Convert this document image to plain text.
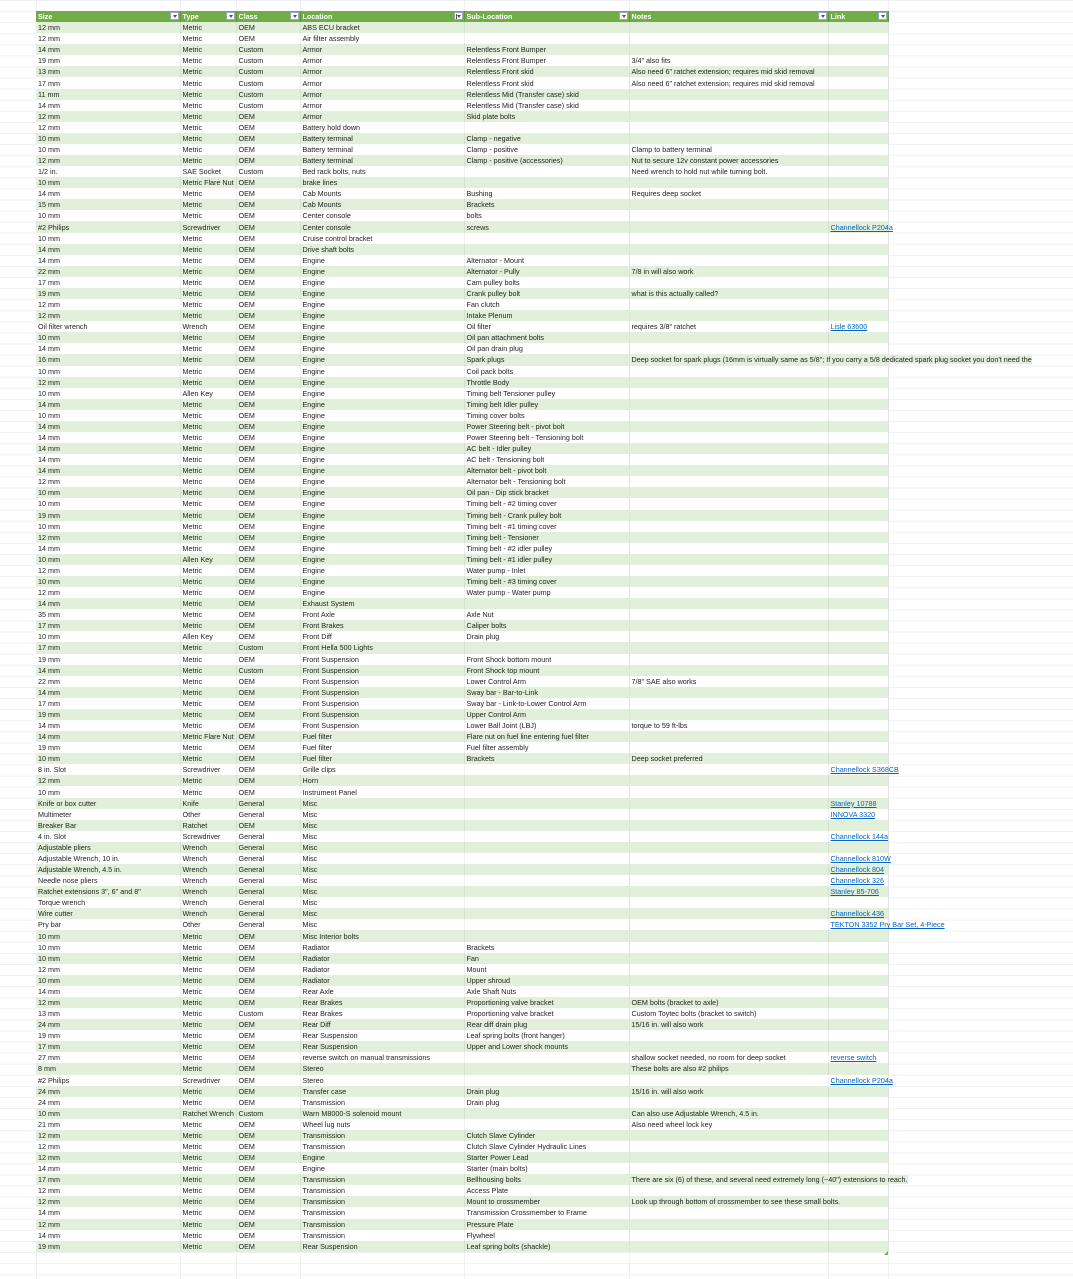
Size	Type	Class	Location	Sub-Location	Notes	Link

12 mm	Metric	OEM	ABS ECU bracket			
12 mm	Metric	OEM	Air filter assembly			
14 mm	Metric	Custom	Armor	Relentless Front Bumper		
19 mm	Metric	Custom	Armor	Relentless Front Bumper	3/4" also fits	
13 mm	Metric	Custom	Armor	Relentless Front skid	Also need 6" ratchet extension; requires mid skid removal	
17 mm	Metric	Custom	Armor	Relentless Front skid	Also need 6" ratchet extension; requires mid skid removal	
11 mm	Metric	Custom	Armor	Relentless Mid (Transfer case) skid		
14 mm	Metric	Custom	Armor	Relentless Mid (Transfer case) skid		
12 mm	Metric	OEM	Armor	Skid plate bolts		
12 mm	Metric	OEM	Battery hold down			
10 mm	Metric	OEM	Battery terminal	Clamp - negative		
10 mm	Metric	OEM	Battery terminal	Clamp - positive	Clamp to battery terminal	
12 mm	Metric	OEM	Battery terminal	Clamp - positive (accessories)	Nut to secure 12v constant power accessories	
1/2 in.	SAE Socket	Custom	Bed rack bolts, nuts		Need wrench to hold nut while turning bolt.	
10 mm	Metric Flare Nut	OEM	brake lines			
14 mm	Metric	OEM	Cab Mounts	Bushing	Requires deep socket	
15 mm	Metric	OEM	Cab Mounts	Brackets		
10 mm	Metric	OEM	Center console	bolts		
#2 Philips	Screwdriver	OEM	Center console	screws		Channellock P204a
10 mm	Metric	OEM	Cruise control bracket			
14 mm	Metric	OEM	Drive shaft bolts			
14 mm	Metric	OEM	Engine	Alternator - Mount		
22 mm	Metric	OEM	Engine	Alternator - Pully	7/8 in will also work	
17 mm	Metric	OEM	Engine	Cam pulley bolts		
19 mm	Metric	OEM	Engine	Crank pulley bolt	what is this actually called?	
12 mm	Metric	OEM	Engine	Fan clutch		
12 mm	Metric	OEM	Engine	Intake Plenum		
Oil filter wrench	Wrench	OEM	Engine	Oil filter	requires 3/8" ratchet	Lisle 63600
10 mm	Metric	OEM	Engine	Oil pan attachment bolts		
14 mm	Metric	OEM	Engine	Oil pan drain plug		
16 mm	Metric	OEM	Engine	Spark plugs	Deep socket for spark plugs (16mm is virtually same as 5/8"; If you carry a 5/8 dedicated spark plug socket you don't need the	
10 mm	Metric	OEM	Engine	Coil pack bolts		
12 mm	Metric	OEM	Engine	Throttle Body		
10 mm	Allen Key	OEM	Engine	Timing belt Tensioner pulley		
14 mm	Metric	OEM	Engine	Timing belt Idler pulley		
10 mm	Metric	OEM	Engine	Timing cover bolts		
14 mm	Metric	OEM	Engine	Power Steering belt - pivot bolt		
14 mm	Metric	OEM	Engine	Power Steering belt - Tensioning bolt		
14 mm	Metric	OEM	Engine	AC belt - Idler pulley		
14 mm	Metric	OEM	Engine	AC belt - Tensioning bolt		
14 mm	Metric	OEM	Engine	Alternator belt - pivot bolt		
12 mm	Metric	OEM	Engine	Alternator belt - Tensioning bolt		
10 mm	Metric	OEM	Engine	Oil pan - Dip stick bracket		
10 mm	Metric	OEM	Engine	Timing belt - #2 timing cover		
19 mm	Metric	OEM	Engine	Timing belt - Crank pulley bolt		
10 mm	Metric	OEM	Engine	Timing belt - #1 timing cover		
12 mm	Metric	OEM	Engine	Timing belt - Tensioner		
14 mm	Metric	OEM	Engine	Timing belt - #2 idler pulley		
10 mm	Allen Key	OEM	Engine	Timing belt - #1 idler pulley		
12 mm	Metric	OEM	Engine	Water pump - Inlet		
10 mm	Metric	OEM	Engine	Timing belt - #3 timing cover		
12 mm	Metric	OEM	Engine	Water pump - Water pump		
14 mm	Metric	OEM	Exhaust System			
35 mm	Metric	OEM	Front Axle	Axle Nut		
17 mm	Metric	OEM	Front Brakes	Caliper bolts		
10 mm	Allen Key	OEM	Front Diff	Drain plug		
17 mm	Metric	Custom	Front Hella 500 Lights			
19 mm	Metric	OEM	Front Suspension	Front Shock bottom mount		
14 mm	Metric	Custom	Front Suspension	Front Shock top mount		
22 mm	Metric	OEM	Front Suspension	Lower Control Arm	7/8" SAE also works	
14 mm	Metric	OEM	Front Suspension	Sway bar - Bar-to-Link		
17 mm	Metric	OEM	Front Suspension	Sway bar - Link-to-Lower Control Arm		
19 mm	Metric	OEM	Front Suspension	Upper Control Arm		
14 mm	Metric	OEM	Front Suspension	Lower Ball Joint (LBJ)	torque to 59 ft-lbs	
14 mm	Metric Flare Nut	OEM	Fuel filter	Flare nut on fuel line entering fuel filter		
19 mm	Metric	OEM	Fuel filter	Fuel filter assembly		
10 mm	Metric	OEM	Fuel filter	Brackets	Deep socket preferred	
8 in. Slot	Screwdriver	OEM	Grille clips			Channellock S368CB
12 mm	Metric	OEM	Horn			
10 mm	Metric	OEM	Instrument Panel			
Knife or box cutter	Knife	General	Misc			Stanley 10788
Multimeter	Other	General	Misc			INNOVA 3320
Breaker Bar	Ratchet	OEM	Misc			
4 in. Slot	Screwdriver	General	Misc			Channellock 144a
Adjustable pliers	Wrench	General	Misc			
Adjustable Wrench, 10 in.	Wrench	General	Misc			Channellock 810W
Adjustable Wrench, 4.5 in.	Wrench	General	Misc			Channellock 804
Needle nose pliers	Wrench	General	Misc			Channellock 326
Ratchet extensions 3", 6" and 8"	Wrench	General	Misc			Stanley 85-706
Torque wrench	Wrench	General	Misc			
Wire cutter	Wrench	General	Misc			Channellock 436
Pry bar	Other	General	Misc			TEKTON 3352 Pry Bar Set, 4-Piece
10 mm	Metric	OEM	Misc Interior bolts			
10 mm	Metric	OEM	Radiator	Brackets		
10 mm	Metric	OEM	Radiator	Fan		
12 mm	Metric	OEM	Radiator	Mount		
10 mm	Metric	OEM	Radiator	Upper shroud		
14 mm	Metric	OEM	Rear Axle	Axle Shaft Nuts		
12 mm	Metric	OEM	Rear Brakes	Proportioning valve bracket	OEM bolts (bracket to axle)	
13 mm	Metric	Custom	Rear Brakes	Proportioning valve bracket	Custom Toytec bolts (bracket to switch)	
24 mm	Metric	OEM	Rear Diff	Rear diff drain plug	15/16 in. will also work	
19 mm	Metric	OEM	Rear Suspension	Leaf spring bolts (front hanger)		
17 mm	Metric	OEM	Rear Suspension	Upper and Lower shock mounts		
27 mm	Metric	OEM	reverse switch on manual transmissions		shallow socket needed, no room for deep socket	reverse switch
8 mm	Metric	OEM	Stereo		These bolts are also #2 philips	
#2 Philips	Screwdriver	OEM	Stereo			Channellock P204a
24 mm	Metric	OEM	Transfer case	Drain plug	15/16 in. will also work	
24 mm	Metric	OEM	Transmission	Drain plug		
10 mm	Ratchet Wrench	Custom	Warn M8000-S solenoid mount		Can also use Adjustable Wrench, 4.5 in.	
21 mm	Metric	OEM	Wheel lug nuts		Also need wheel lock key	
12 mm	Metric	OEM	Transmission	Clutch Slave Cylinder		
12 mm	Metric	OEM	Transmission	Clutch Slave Cylinder Hydraulic Lines		
12 mm	Metric	OEM	Engine	Starter Power Lead		
14 mm	Metric	OEM	Engine	Starter (main bolts)		
17 mm	Metric	OEM	Transmission	Bellhousing bolts	There are six (6) of these, and several need extremely long (~40") extensions to reach.	
12 mm	Metric	OEM	Transmission	Access Plate		
12 mm	Metric	OEM	Transmission	Mount to crossmember	Look up through bottom of crossmember to see these small bolts.	
14 mm	Metric	OEM	Transmission	Transmission Crossmember to Frame		
12 mm	Metric	OEM	Transmission	Pressure Plate		
14 mm	Metric	OEM	Transmission	Flywheel		
19 mm	Metric	OEM	Rear Suspension	Leaf spring bolts (shackle)		
